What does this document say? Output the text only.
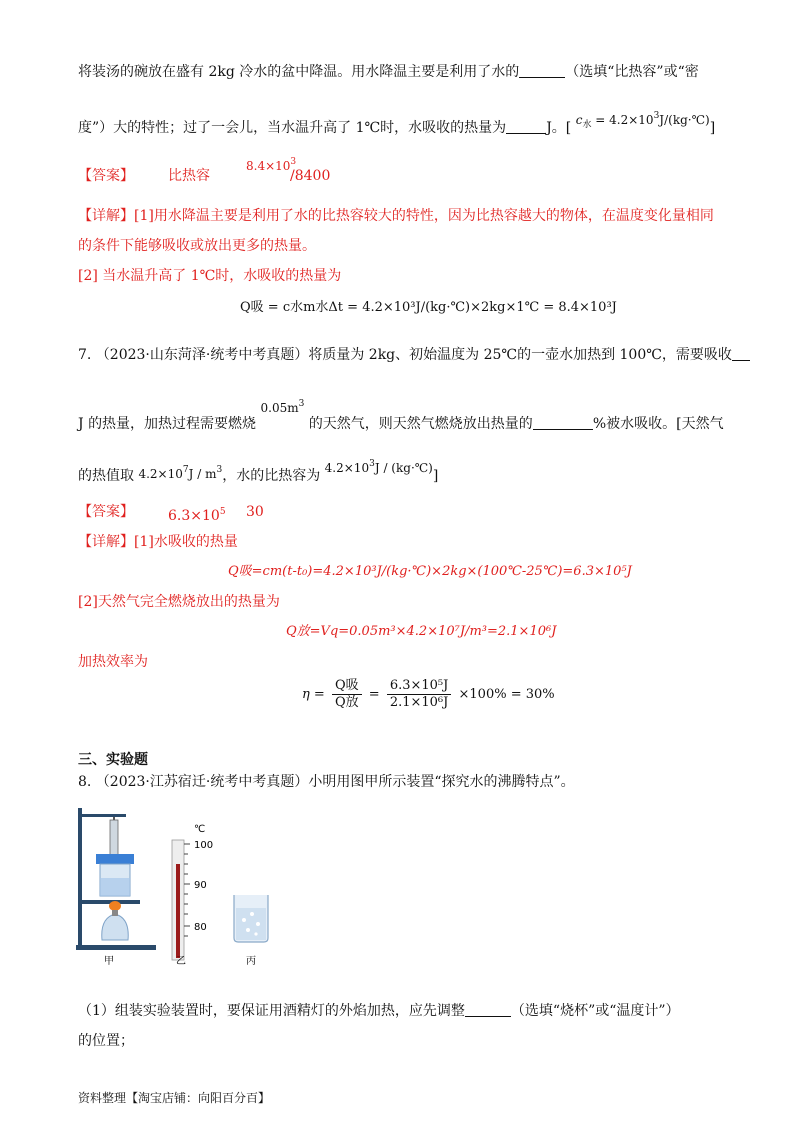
将装汤的碗放在盛有 2kg 冷水的盆中降温。用水降温主要是利用了水的	（选填“比热容”或“密
度”）大的特性；过了一会儿，当水温升高了 1℃时，水吸收的热量为	J。[ $c_水$ = $4.2\times 10^3J/(kg\cdot℃)$]
【答案】 比热容
$8.4\times 10^3$
/8400
【详解】[1]用水降温主要是利用了水的比热容较大的特性，因为比热容越大的物体，在温度变化量相同
的条件下能够吸收或放出更多的热量。
[2] 当水温升高了 1℃时，水吸收的热量为
Q吸 = c水m水Δt = 4.2×10³J/(kg·℃)×2kg×1℃ = 8.4×10³J
7. （2023·山东菏泽·统考中考真题）将质量为 2kg、初始温度为 25℃的一壶水加热到 100℃，需要吸收
J 的热量，加热过程需要燃烧 $0.05m^3$ 的天然气，则天然气燃烧放出热量的	%被水吸收。[天然气
的热值取 $4.2\times 10^7J / m^3$，水的比热容为 $4.2\times 10^3J$ / (kg·℃)]
【答案】 $6.3\times 10^5$ 30
【详解】[1]水吸收的热量
Q吸=cm(t-t₀)=4.2×10³J/(kg·℃)×2kg×(100℃-25℃)=6.3×10⁵J
[2]天然气完全燃烧放出的热量为
Q放=Vq=0.05m³×4.2×10⁷J/m³=2.1×10⁶J
加热效率为
$\eta = \frac{\text{Q吸}}{\text{Q放}} = \frac{\text{6.3×10⁵J}}{\text{2.1×10⁶J}} \times 100\% = 30\%$
三、实验题
8. （2023·江苏宿迁·统考中考真题）小明用图甲所示装置“探究水的沸腾特点”。
℃
100
90
80
甲	乙	丙
（1）组装实验装置时，要保证用酒精灯的外焰加热，应先调整	（选填“烧杯”或“温度计”）
的位置；
资料整理【淘宝店铺：向阳百分百】
